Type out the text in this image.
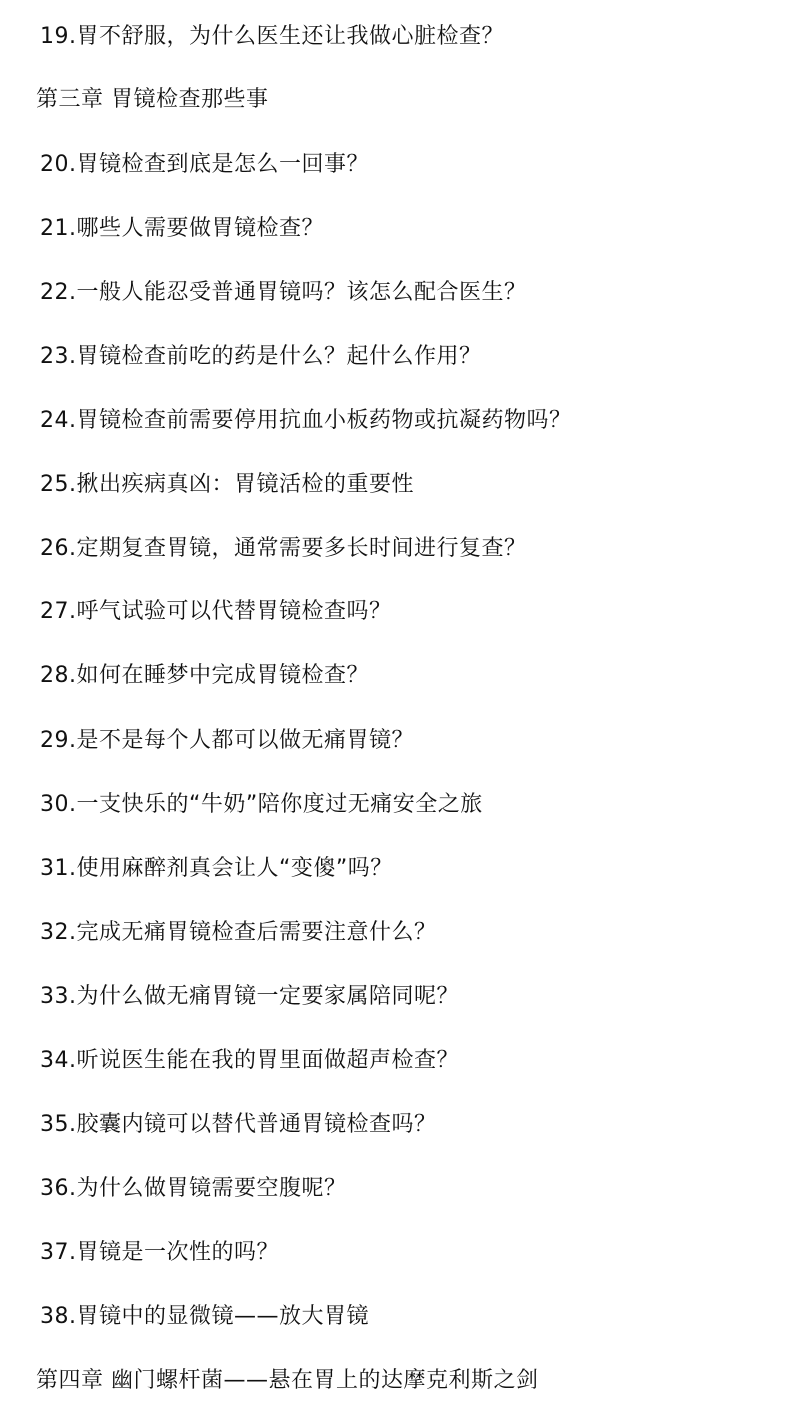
19.胃不舒服，为什么医生还让我做心脏检查？
第三章 胃镜检查那些事
20.胃镜检查到底是怎么一回事？
21.哪些人需要做胃镜检查？
22.一般人能忍受普通胃镜吗？该怎么配合医生？
23.胃镜检查前吃的药是什么？起什么作用？
24.胃镜检查前需要停用抗血小板药物或抗凝药物吗？
25.揪出疾病真凶：胃镜活检的重要性
26.定期复查胃镜，通常需要多长时间进行复查？
27.呼气试验可以代替胃镜检查吗？
28.如何在睡梦中完成胃镜检查？
29.是不是每个人都可以做无痛胃镜？
30.一支快乐的“牛奶”陪你度过无痛安全之旅
31.使用麻醉剂真会让人“变傻”吗？
32.完成无痛胃镜检查后需要注意什么？
33.为什么做无痛胃镜一定要家属陪同呢？
34.听说医生能在我的胃里面做超声检查？
35.胶囊内镜可以替代普通胃镜检查吗？
36.为什么做胃镜需要空腹呢？
37.胃镜是一次性的吗？
38.胃镜中的显微镜——放大胃镜
第四章 幽门螺杆菌——悬在胃上的达摩克利斯之剑
